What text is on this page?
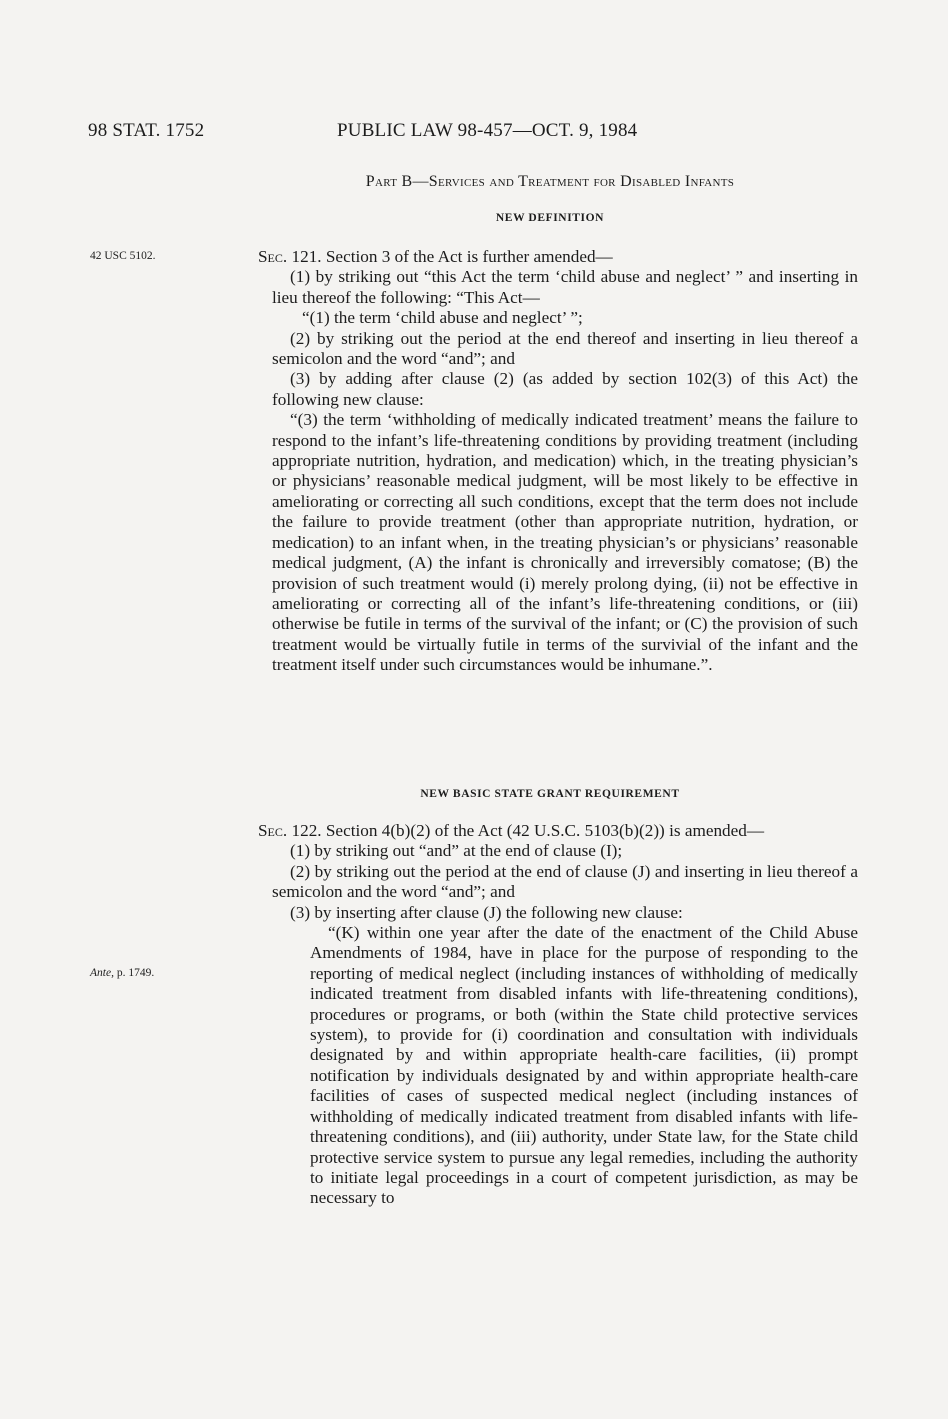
98 STAT. 1752	PUBLIC LAW 98-457—OCT. 9, 1984
Part B—Services and Treatment for Disabled Infants
NEW DEFINITION
42 USC 5102.	Sec. 121. Section 3 of the Act is further amended—

(1) by striking out “this Act the term ‘child abuse and neglect’ ” and inserting in lieu thereof the following: “This Act—

“(1) the term ‘child abuse and neglect’ ”;

(2) by striking out the period at the end thereof and inserting in lieu thereof a semicolon and the word “and”; and

(3) by adding after clause (2) (as added by section 102(3) of this Act) the following new clause:

“(3) the term ‘withholding of medically indicated treatment’ means the failure to respond to the infant’s life-threatening conditions by providing treatment (including appropriate nutrition, hydration, and medication) which, in the treating physician’s or physicians’ reasonable medical judgment, will be most likely to be effective in ameliorating or correcting all such conditions, except that the term does not include the failure to provide treatment (other than appropriate nutrition, hydration, or medication) to an infant when, in the treating physician’s or physicians’ reasonable medical judgment, (A) the infant is chronically and irreversibly comatose; (B) the provision of such treatment would (i) merely prolong dying, (ii) not be effective in ameliorating or correcting all of the infant’s life-threatening conditions, or (iii) otherwise be futile in terms of the survival of the infant; or (C) the provision of such treatment would be virtually futile in terms of the survivial of the infant and the treatment itself under such circumstances would be inhumane.”.

NEW BASIC STATE GRANT REQUIREMENT
Ante, p. 1749.

Sec. 122. Section 4(b)(2) of the Act (42 U.S.C. 5103(b)(2)) is amended—

(1) by striking out “and” at the end of clause (I);

(2) by striking out the period at the end of clause (J) and inserting in lieu thereof a semicolon and the word “and”; and

(3) by inserting after clause (J) the following new clause:

“(K) within one year after the date of the enactment of the Child Abuse Amendments of 1984, have in place for the purpose of responding to the reporting of medical neglect (including instances of withholding of medically indicated treatment from disabled infants with life-threatening conditions), procedures or programs, or both (within the State child protective services system), to provide for (i) coordination and consultation with individuals designated by and within appropriate health-care facilities, (ii) prompt notification by individuals designated by and within appropriate health-care facilities of cases of suspected medical neglect (including instances of withholding of medically indicated treatment from disabled infants with life-threatening conditions), and (iii) authority, under State law, for the State child protective service system to pursue any legal remedies, including the authority to initiate legal proceedings in a court of competent jurisdiction, as may be necessary to
